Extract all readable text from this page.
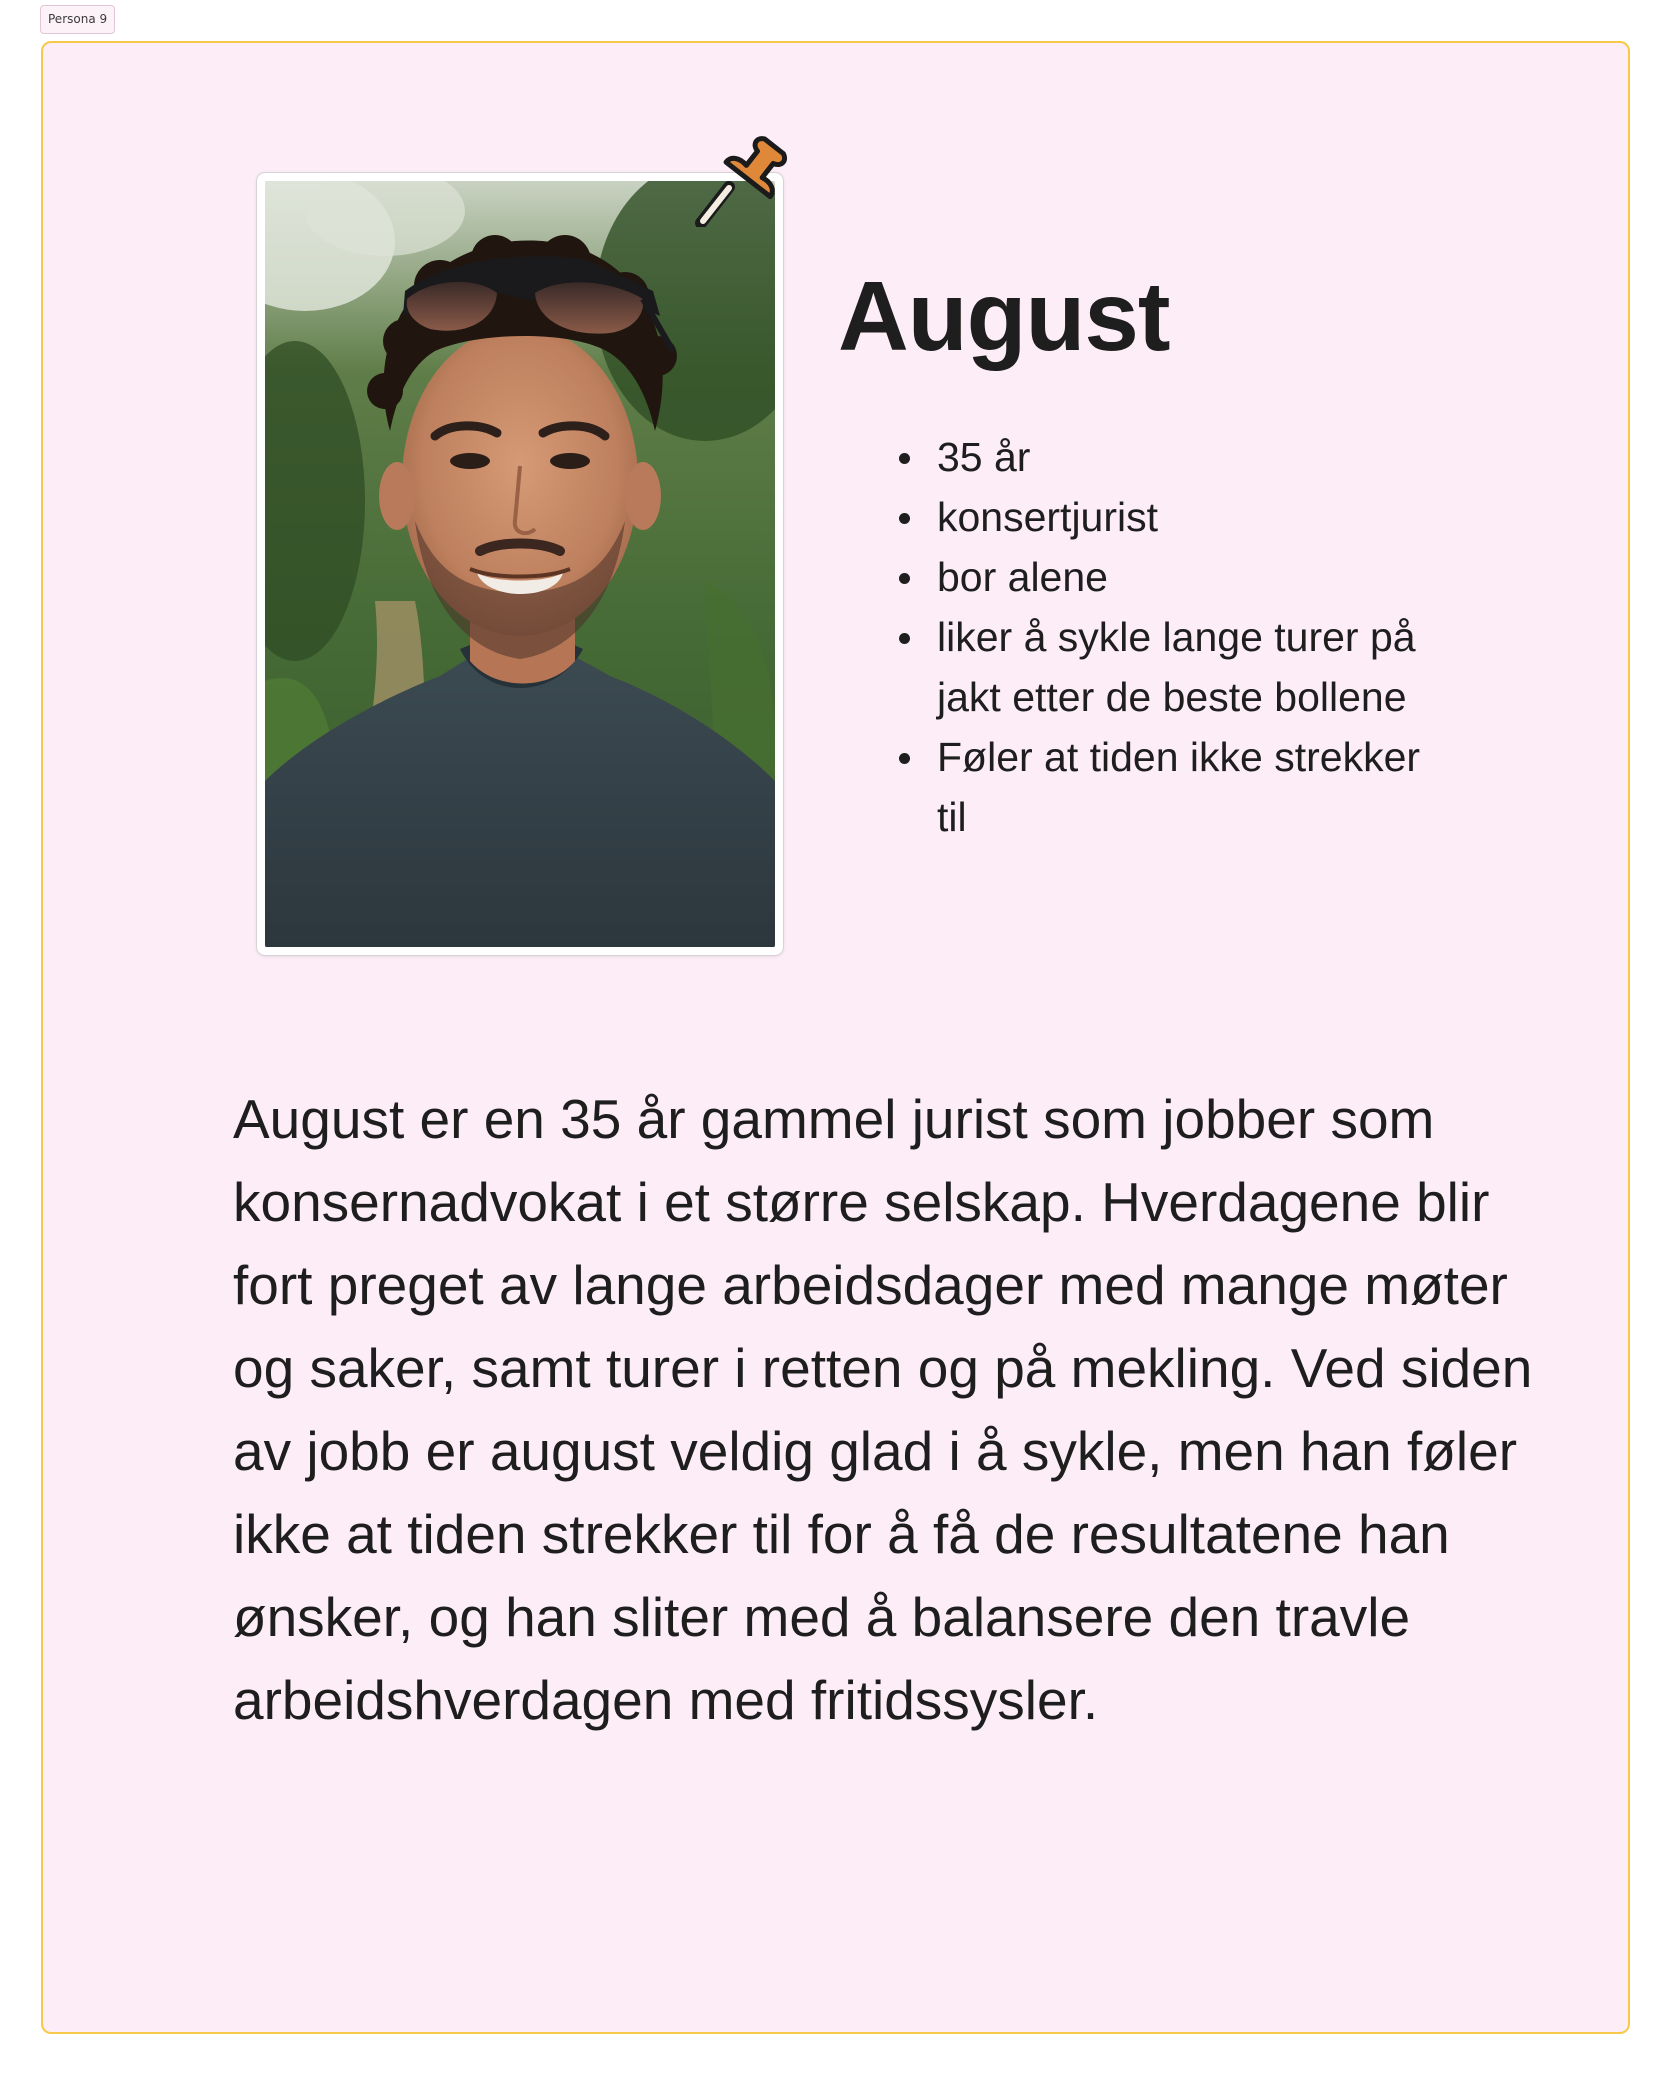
Persona 9
August
35 år
konsertjurist
bor alene
liker å sykle lange turer på jakt etter de beste bollene
Føler at tiden ikke strekker til

August er en 35 år gammel jurist som jobber som konsernadvokat i et større selskap. Hverdagene blir fort preget av lange arbeidsdager med mange møter og saker, samt turer i retten og på mekling. Ved siden av jobb er august veldig glad i å sykle, men han føler ikke at tiden strekker til for å få de resultatene han ønsker, og han sliter med å balansere den travle arbeidshverdagen med fritidssysler.
